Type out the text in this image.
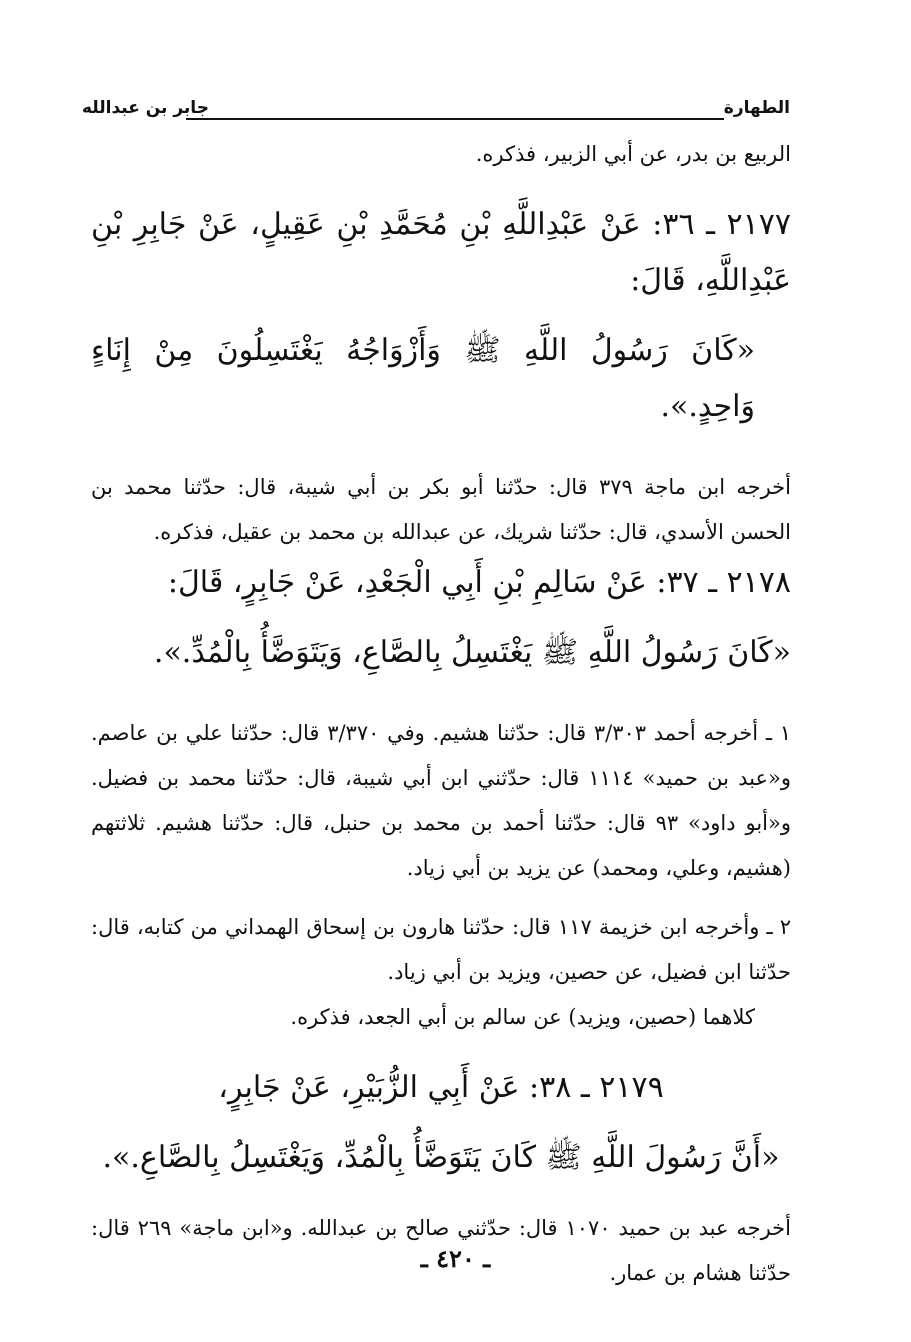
الطهارة
جابر بن عبدالله

الربيع بن بدر، عن أبي الزبير، فذكره.

٢١٧٧ ـ ٣٦: عَنْ عَبْدِاللَّهِ بْنِ مُحَمَّدِ بْنِ عَقِيلٍ، عَنْ جَابِرِ بْنِ عَبْدِاللَّهِ، قَالَ:

«كَانَ رَسُولُ اللَّهِ ﷺ وَأَزْوَاجُهُ يَغْتَسِلُونَ مِنْ إِنَاءٍ وَاحِدٍ.».

أخرجه ابن ماجة ٣٧٩ قال: حدّثنا أبو بكر بن أبي شيبة، قال: حدّثنا محمد بن الحسن الأسدي، قال: حدّثنا شريك، عن عبدالله بن محمد بن عقيل، فذكره.

٢١٧٨ ـ ٣٧: عَنْ سَالِمِ بْنِ أَبِي الْجَعْدِ، عَنْ جَابِرٍ، قَالَ:

«كَانَ رَسُولُ اللَّهِ ﷺ يَغْتَسِلُ بِالصَّاعِ، وَيَتَوَضَّأُ بِالْمُدِّ.».

١ ـ أخرجه أحمد ٣/٣٠٣ قال: حدّثنا هشيم. وفي ٣/٣٧٠ قال: حدّثنا علي بن عاصم. و«عبد بن حميد» ١١١٤ قال: حدّثني ابن أبي شيبة، قال: حدّثنا محمد بن فضيل. و«أبو داود» ٩٣ قال: حدّثنا أحمد بن محمد بن حنبل، قال: حدّثنا هشيم. ثلاثتهم (هشيم، وعلي، ومحمد) عن يزيد بن أبي زياد.

٢ ـ وأخرجه ابن خزيمة ١١٧ قال: حدّثنا هارون بن إسحاق الهمداني من كتابه، قال: حدّثنا ابن فضيل، عن حصين، ويزيد بن أبي زياد.

كلاهما (حصين، ويزيد) عن سالم بن أبي الجعد، فذكره.

٢١٧٩ ـ ٣٨: عَنْ أَبِي الزُّبَيْرِ، عَنْ جَابِرٍ،

«أَنَّ رَسُولَ اللَّهِ ﷺ كَانَ يَتَوَضَّأُ بِالْمُدِّ، وَيَغْتَسِلُ بِالصَّاعِ.».

أخرجه عبد بن حميد ١٠٧٠ قال: حدّثني صالح بن عبدالله. و«ابن ماجة» ٢٦٩ قال: حدّثنا هشام بن عمار.

ـ ٤٢٠ ـ
